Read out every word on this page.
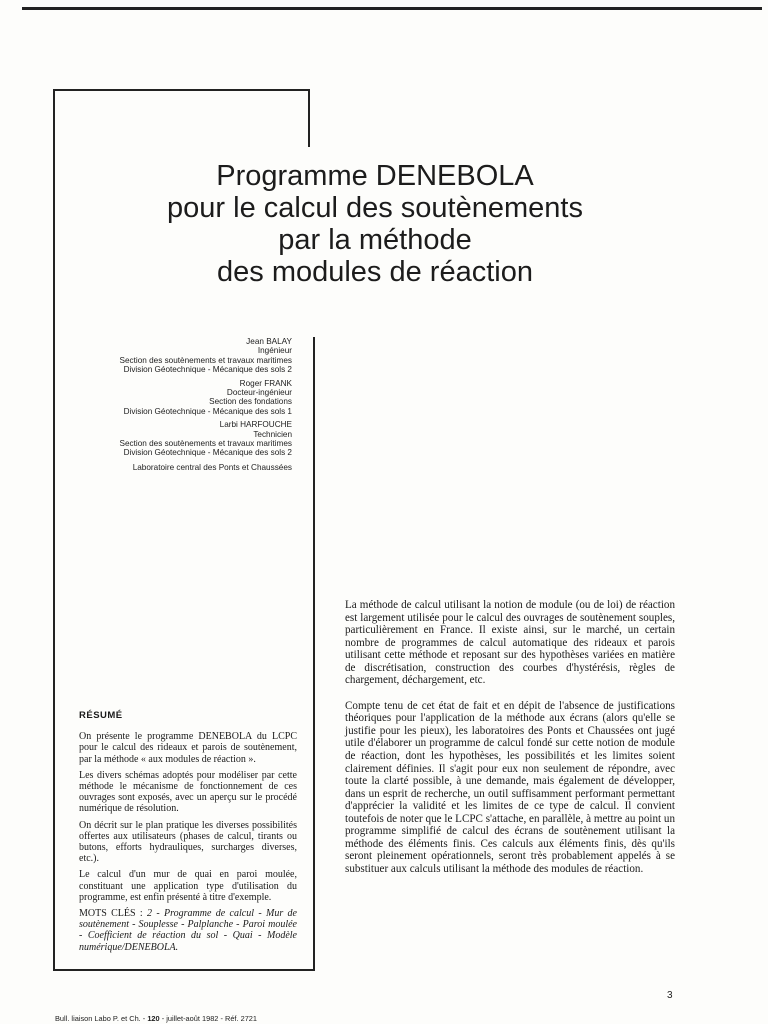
Programme DENEBOLA
pour le calcul des soutènements
par la méthode
des modules de réaction
Jean BALAY
Ingénieur
Section des soutènements et travaux maritimes
Division Géotechnique - Mécanique des sols 2
Roger FRANK
Docteur-ingénieur
Section des fondations
Division Géotechnique - Mécanique des sols 1
Larbi HARFOUCHE
Technicien
Section des soutènements et travaux maritimes
Division Géotechnique - Mécanique des sols 2
Laboratoire central des Ponts et Chaussées
RÉSUMÉ

On présente le programme DENEBOLA du LCPC pour le calcul des rideaux et parois de soutènement, par la méthode « aux modules de réaction ».

Les divers schémas adoptés pour modéliser par cette méthode le mécanisme de fonctionnement de ces ouvrages sont exposés, avec un aperçu sur le procédé numérique de résolution.

On décrit sur le plan pratique les diverses possibilités offertes aux utilisateurs (phases de calcul, tirants ou butons, efforts hydrauliques, surcharges diverses, etc.).

Le calcul d'un mur de quai en paroi moulée, constituant une application type d'utilisation du programme, est enfin présenté à titre d'exemple.

MOTS CLÉS : 2 - Programme de calcul - Mur de soutènement - Souplesse - Palplanche - Paroi moulée - Coefficient de réaction du sol - Quai - Modèle numérique/DENEBOLA.

La méthode de calcul utilisant la notion de module (ou de loi) de réaction est largement utilisée pour le calcul des ouvrages de soutènement souples, particulièrement en France. Il existe ainsi, sur le marché, un certain nombre de programmes de calcul automatique des rideaux et parois utilisant cette méthode et reposant sur des hypothèses variées en matière de discrétisation, construction des courbes d'hystérésis, règles de chargement, déchargement, etc.

Compte tenu de cet état de fait et en dépit de l'absence de justifications théoriques pour l'application de la méthode aux écrans (alors qu'elle se justifie pour les pieux), les laboratoires des Ponts et Chaussées ont jugé utile d'élaborer un programme de calcul fondé sur cette notion de module de réaction, dont les hypothèses, les possibilités et les limites soient clairement définies. Il s'agit pour eux non seulement de répondre, avec toute la clarté possible, à une demande, mais également de développer, dans un esprit de recherche, un outil suffisamment performant permettant d'apprécier la validité et les limites de ce type de calcul. Il convient toutefois de noter que le LCPC s'attache, en parallèle, à mettre au point un programme simplifié de calcul des écrans de soutènement utilisant la méthode des éléments finis. Ces calculs aux éléments finis, dès qu'ils seront pleinement opérationnels, seront très probablement appelés à se substituer aux calculs utilisant la méthode des modules de réaction.

3
Bull. liaison Labo P. et Ch. - 120 - juillet-août 1982 - Réf. 2721
